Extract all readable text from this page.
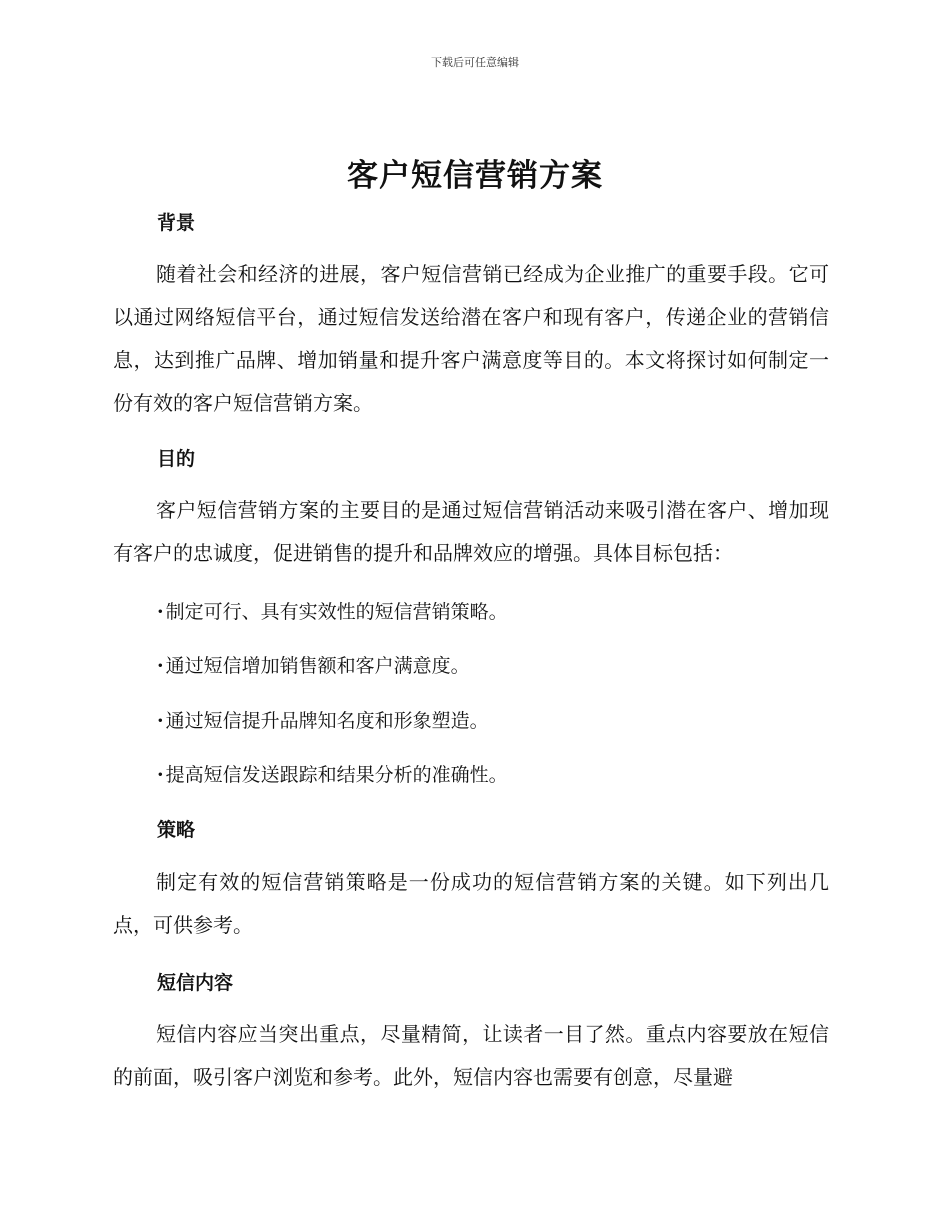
下载后可任意编辑
客户短信营销方案
背景

随着社会和经济的进展，客户短信营销已经成为企业推广的重要手段。它可以通过网络短信平台，通过短信发送给潜在客户和现有客户，传递企业的营销信息，达到推广品牌、增加销量和提升客户满意度等目的。本文将探讨如何制定一份有效的客户短信营销方案。

目的

客户短信营销方案的主要目的是通过短信营销活动来吸引潜在客户、增加现有客户的忠诚度，促进销售的提升和品牌效应的增强。具体目标包括：

· 制定可行、具有实效性的短信营销策略。
· 通过短信增加销售额和客户满意度。
· 通过短信提升品牌知名度和形象塑造。
· 提高短信发送跟踪和结果分析的准确性。
策略

制定有效的短信营销策略是一份成功的短信营销方案的关键。如下列出几点，可供参考。

短信内容

短信内容应当突出重点，尽量精简，让读者一目了然。重点内容要放在短信的前面，吸引客户浏览和参考。此外，短信内容也需要有创意，尽量避
